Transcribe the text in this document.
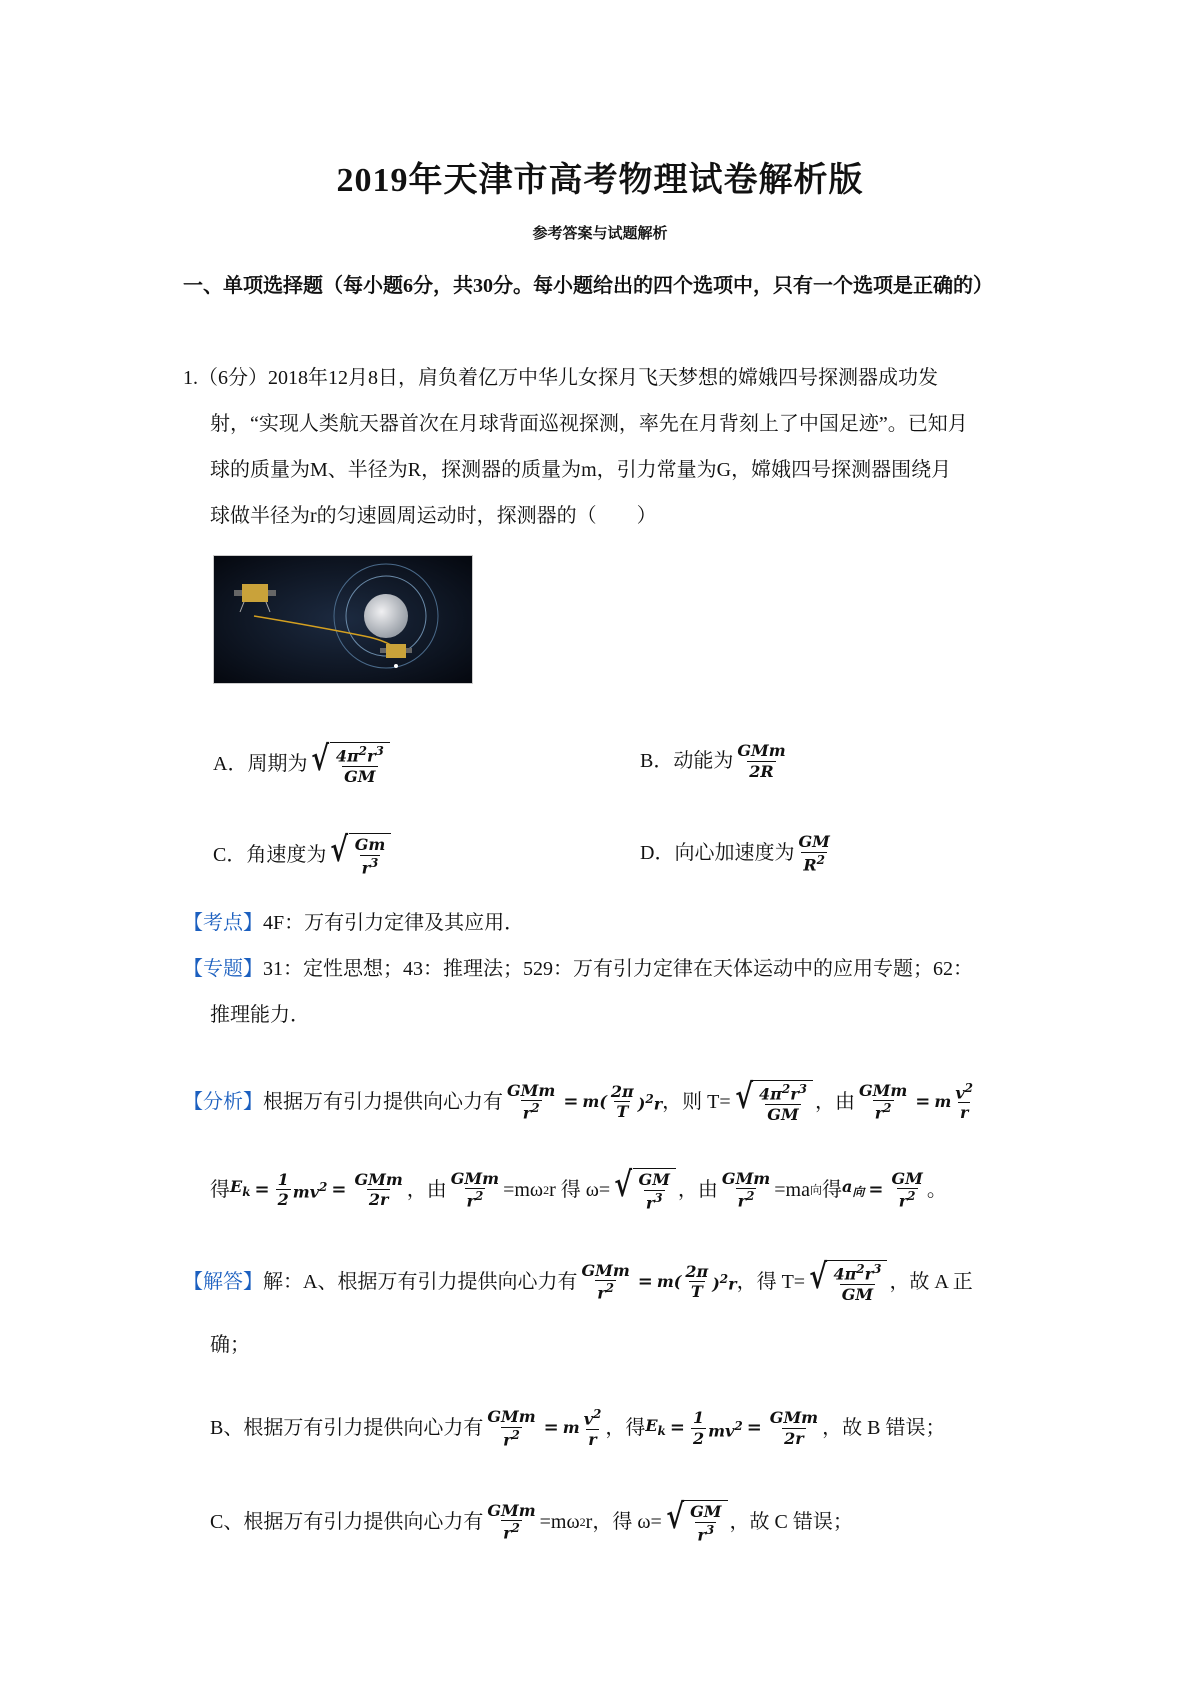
2019年天津市高考物理试卷解析版
参考答案与试题解析
一、单项选择题（每小题6分，共30分。每小题给出的四个选项中，只有一个选项是正确的）
1.（6分）2018年12月8日，肩负着亿万中华儿女探月飞天梦想的嫦娥四号探测器成功发
射，“实现人类航天器首次在月球背面巡视探测，率先在月背刻上了中国足迹”。已知月
球的质量为M、半径为R，探测器的质量为m，引力常量为G，嫦娥四号探测器围绕月
球做半径为r的匀速圆周运动时，探测器的（　　）
A．周期为 √ $\frac{4\pi^2r^3}{GM}$	B．动能为 $\frac{\text{GMm}}{2R}$
C．角速度为 √ $\frac{Gm}{r^3}$	D．向心加速度为 $\frac{GM}{R^2}$
【考点】4F：万有引力定律及其应用．
【专题】31：定性思想；43：推理法；529：万有引力定律在天体运动中的应用专题；62：
推理能力．
【分析】 根据万有引力提供向心力有 $\frac{\text{GMm}}{r^2} = m( \frac{2\pi}{T} )^2r$ ，则 T= √ $\frac{4\pi^2r^3}{GM}$ ，由 $\frac{\text{GMm}}{r^2} = m \frac{v^2}{r}$
得 $E_k = \frac{1}{2} mv^2 = \frac{\text{GMm}}{2r}$ ，由 $\frac{\text{GMm}}{r^2} =m\omega$ 2 r 得 ω= √ $\frac{GM}{r^3}$ ，由 $\frac{\text{GMm}}{r^2} =ma$ 向 得 $a_向 = \frac{GM}{r^2}$ 。
【解答】 解：A、根据万有引力提供向心力有 $\frac{\text{GMm}}{r^2} = m( \frac{2\pi}{T} )^2r$ ，得 T= √ $\frac{4\pi^2r^3}{GM}$ ，故 A 正
确；
B、根据万有引力提供向心力有 $\frac{\text{GMm}}{r^2} = m \frac{v^2}{r}$ ，得 $E_k = \frac{1}{2} mv^2 = \frac{\text{GMm}}{2r}$ ，故 B 错误；
C、根据万有引力提供向心力有 $\frac{\text{GMm}}{r^2} =m\omega$ 2 r，得 ω= √ $\frac{GM}{r^3}$ ，故 C 错误；
